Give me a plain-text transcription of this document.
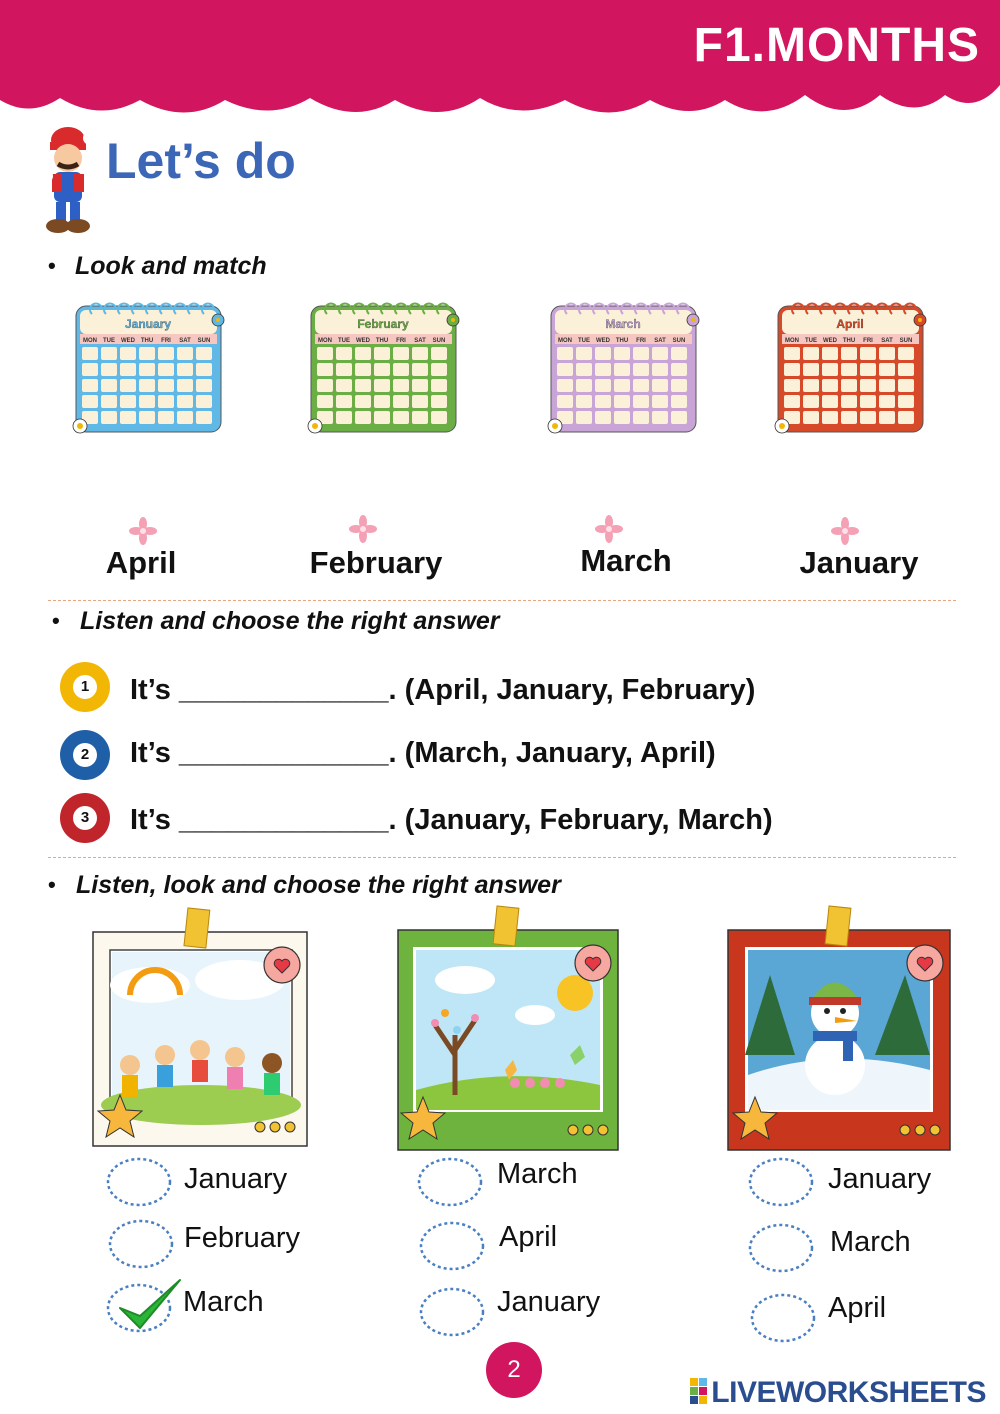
F1.MONTHS
Let’s do
• Look and match
MON TUE WED THU FRI SAT SUN
January
MON TUE WED THU FRI SAT SUN
February
MON TUE WED THU FRI SAT SUN
March
MON TUE WED THU FRI SAT SUN
April
April	February	March	January
• Listen and choose the right answer
1 It’s _____________. (April, January, February)
2 It’s _____________. (March, January, April)
3 It’s _____________. (January, February, March)
• Listen, look and choose the right answer
January
February
March
March
April
January
January
March
April
2
LIVEWORKSHEETS
